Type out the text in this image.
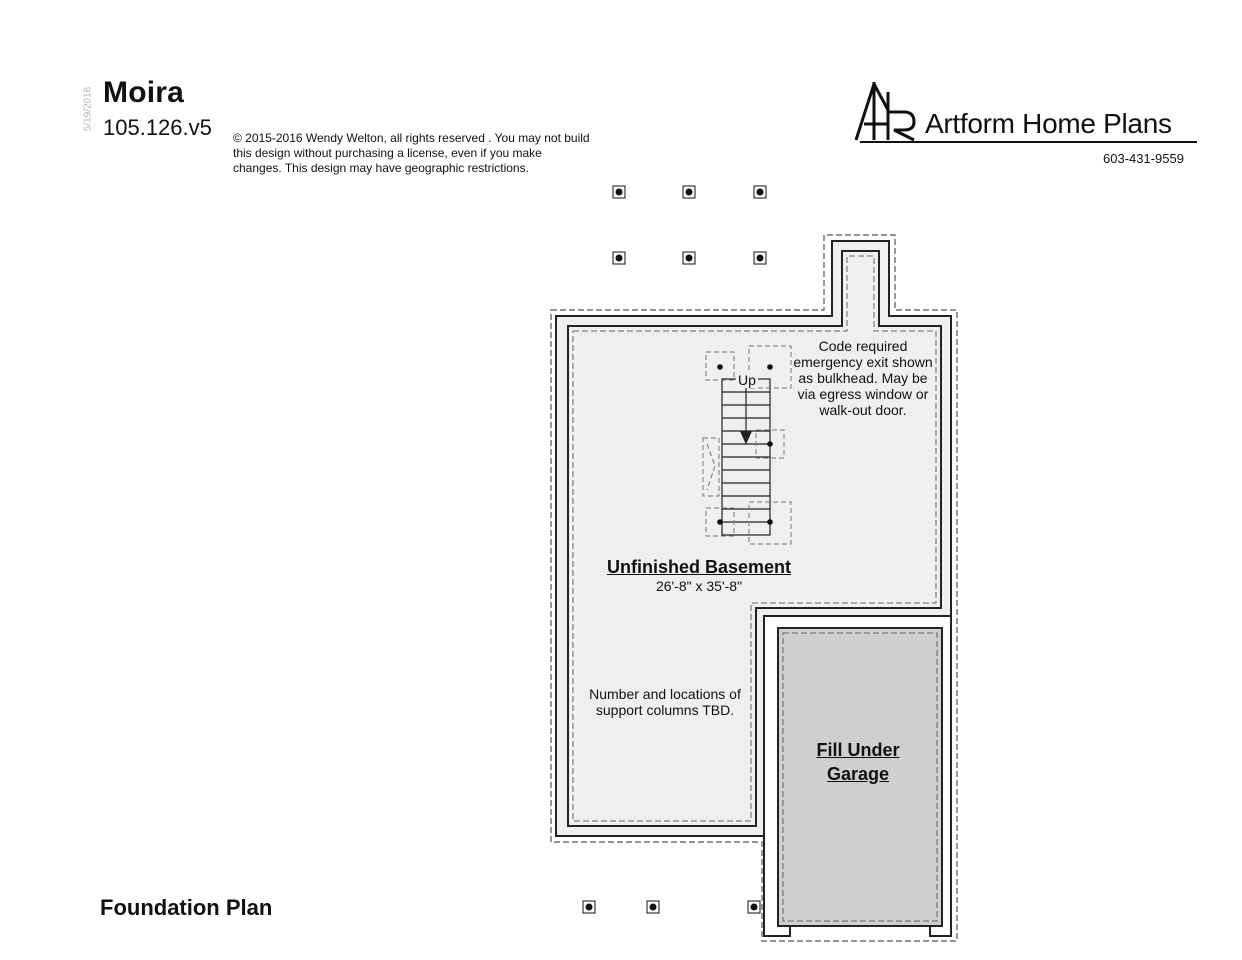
5/19/2016 Moira
105.126.v5 © 2015-2016 Wendy Welton, all rights reserved . You may not build this design without purchasing a license, even if you make changes. This design may have geographic restrictions.
Artform Home Plans
603-431-9559
Up
Code required emergency exit shown as bulkhead. May be via egress window or walk-out door.
Unfinished Basement
26'-8" x 35'-8"
Number and locations of support columns TBD.
Fill Under
Garage
Foundation Plan
